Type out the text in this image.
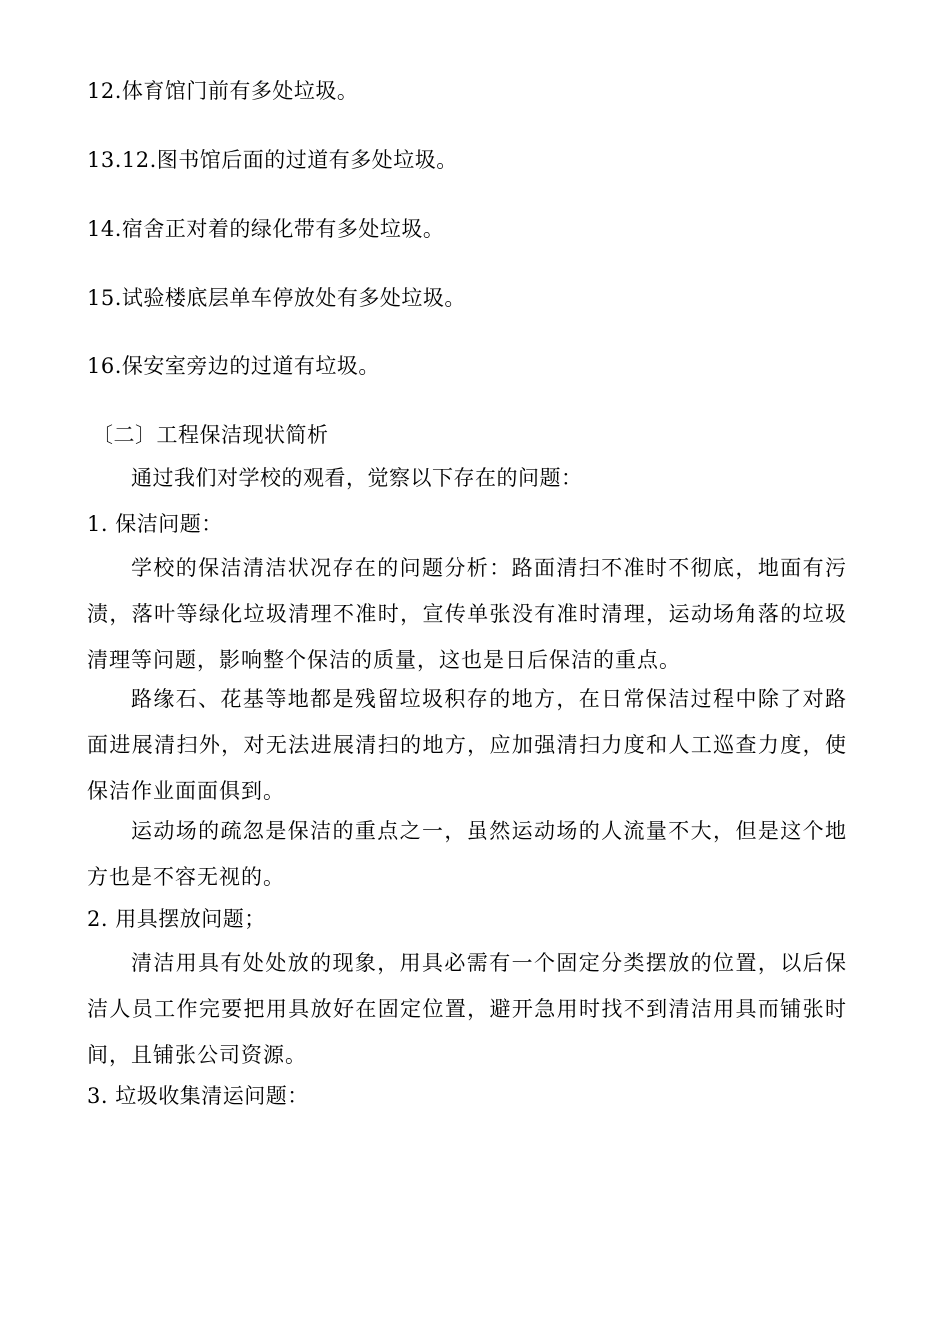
12.体育馆门前有多处垃圾。
13.12.图书馆后面的过道有多处垃圾。
14.宿舍正对着的绿化带有多处垃圾。
15.试验楼底层单车停放处有多处垃圾。
16.保安室旁边的过道有垃圾。
〔二〕工程保洁现状简析
通过我们对学校的观看，觉察以下存在的问题：
1. 保洁问题：
学校的保洁清洁状况存在的问题分析：路面清扫不准时不彻底，地面有污渍，落叶等绿化垃圾清理不准时，宣传单张没有准时清理，运动场角落的垃圾清理等问题，影响整个保洁的质量，这也是日后保洁的重点。
路缘石、花基等地都是残留垃圾积存的地方，在日常保洁过程中除了对路面进展清扫外，对无法进展清扫的地方，应加强清扫力度和人工巡查力度，使保洁作业面面俱到。
运动场的疏忽是保洁的重点之一，虽然运动场的人流量不大，但是这个地方也是不容无视的。
2. 用具摆放问题；
清洁用具有处处放的现象，用具必需有一个固定分类摆放的位置，以后保洁人员工作完要把用具放好在固定位置，避开急用时找不到清洁用具而铺张时间，且铺张公司资源。
3. 垃圾收集清运问题：
